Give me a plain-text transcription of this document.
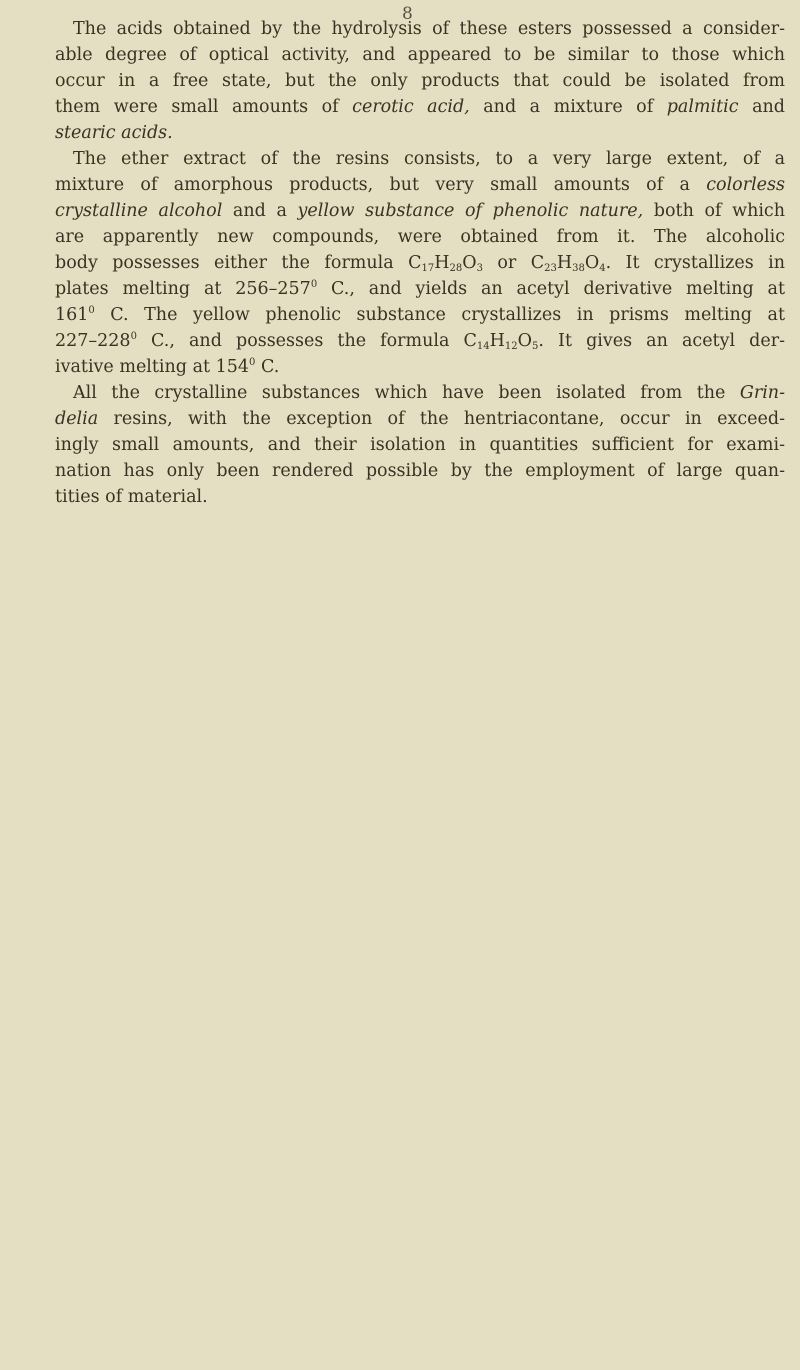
8
The acids obtained by the hydrolysis of these esters possessed a consider-
able degree of optical activity, and appeared to be similar to those which
occur in a free state, but the only products that could be isolated from
them were small amounts of cerotic acid, and a mixture of palmitic and
stearic acids.
The ether extract of the resins consists, to a very large extent, of a
mixture of amorphous products, but very small amounts of a colorless
crystalline alcohol and a yellow substance of phenolic nature, both of which
are apparently new compounds, were obtained from it. The alcoholic
body possesses either the formula $C_{17}H_{28}O_3$ or $C_{23}H_{38}O_4$. It crystallizes in
plates melting at $256-257^0$ C., and yields an acetyl derivative melting at
$161^0$ C. The yellow phenolic substance crystallizes in prisms melting at
$227-228^0$ C., and possesses the formula $C_{14}H_{12}O_5$. It gives an acetyl der-
ivative melting at $154^0$ C.
All the crystalline substances which have been isolated from the Grin-
delia resins, with the exception of the hentriacontane, occur in exceed-
ingly small amounts, and their isolation in quantities sufficient for exami-
nation has only been rendered possible by the employment of large quan-
tities of material.
